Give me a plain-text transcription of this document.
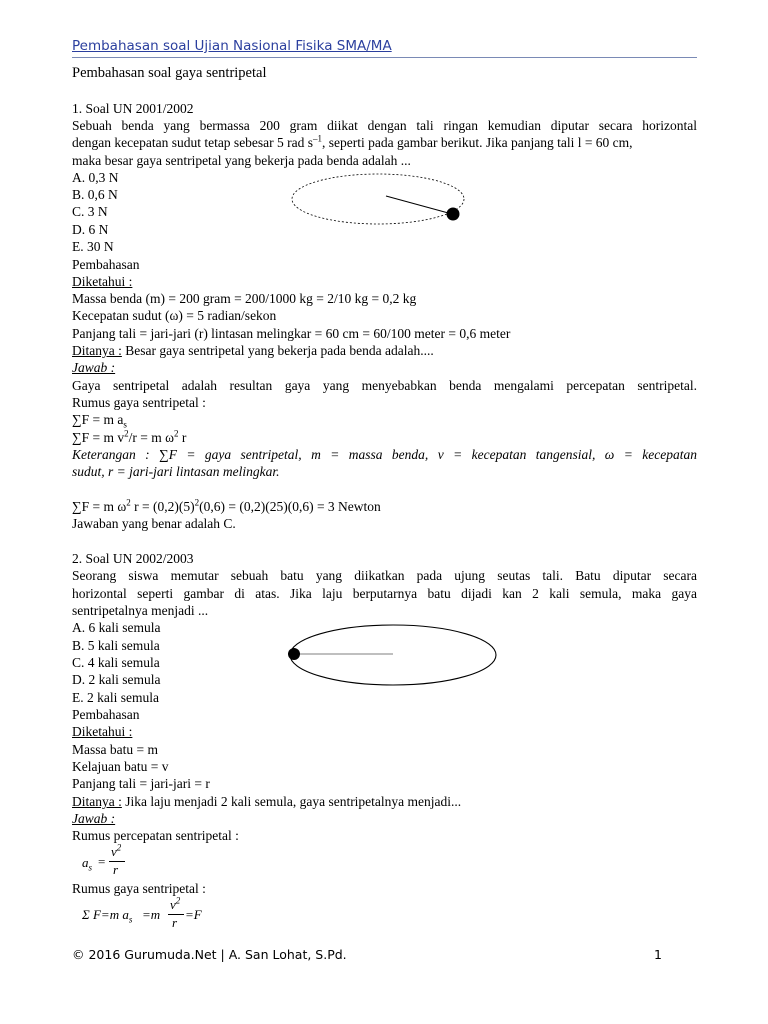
Pembahasan soal Ujian Nasional Fisika SMA/MA
Pembahasan soal gaya sentripetal
1. Soal UN 2001/2002
Sebuah benda yang bermassa 200 gram diikat dengan tali ringan kemudian diputar secara horizontal
dengan kecepatan sudut tetap sebesar 5 rad $s^{-1}$, seperti pada gambar berikut. Jika panjang tali l = 60 cm,
maka besar gaya sentripetal yang bekerja pada benda adalah ...
A. 0,3 N
B. 0,6 N
C. 3 N
D. 6 N
E. 30 N
Pembahasan
Diketahui :
Massa benda (m) = 200 gram = 200/1000 kg = 2/10 kg = 0,2 kg
Kecepatan sudut (ω) = 5 radian/sekon
Panjang tali = jari-jari (r) lintasan melingkar = 60 cm = 60/100 meter = 0,6 meter
Ditanya : Besar gaya sentripetal yang bekerja pada benda adalah....
Jawab :
Gaya sentripetal adalah resultan gaya yang menyebabkan benda mengalami percepatan sentripetal.
Rumus gaya sentripetal :
∑F = m $a_s$
∑F = m $v^2/r = m$ $\omega^2$ r
Keterangan : ∑F = gaya sentripetal, m = massa benda, v = kecepatan tangensial, ω = kecepatan
sudut, r = jari-jari lintasan melingkar.
∑F = m $\omega^2$ $r = (0,2)(5)^2(0,6) = (0,2)(25)(0,6) = 3$ Newton
Jawaban yang benar adalah C.
2. Soal UN 2002/2003
Seorang siswa memutar sebuah batu yang diikatkan pada ujung seutas tali. Batu diputar secara
horizontal seperti gambar di atas. Jika laju berputarnya batu dijadi kan 2 kali semula, maka gaya
sentripetalnya menjadi ...
A. 6 kali semula
B. 5 kali semula
C. 4 kali semula
D. 2 kali semula
E. 2 kali semula
Pembahasan
Diketahui :
Massa batu = m
Kelajuan batu = v
Panjang tali = jari-jari = r
Ditanya : Jika laju menjadi 2 kali semula, gaya sentripetalnya menjadi...
Jawab :
Rumus percepatan sentripetal :
$a_s$ =
$v^2$
r
Rumus gaya sentripetal :
Σ F=m $a_s =m$
$v^2$
r
=F
© 2016 Gurumuda.Net | A. San Lohat, S.Pd.	1
